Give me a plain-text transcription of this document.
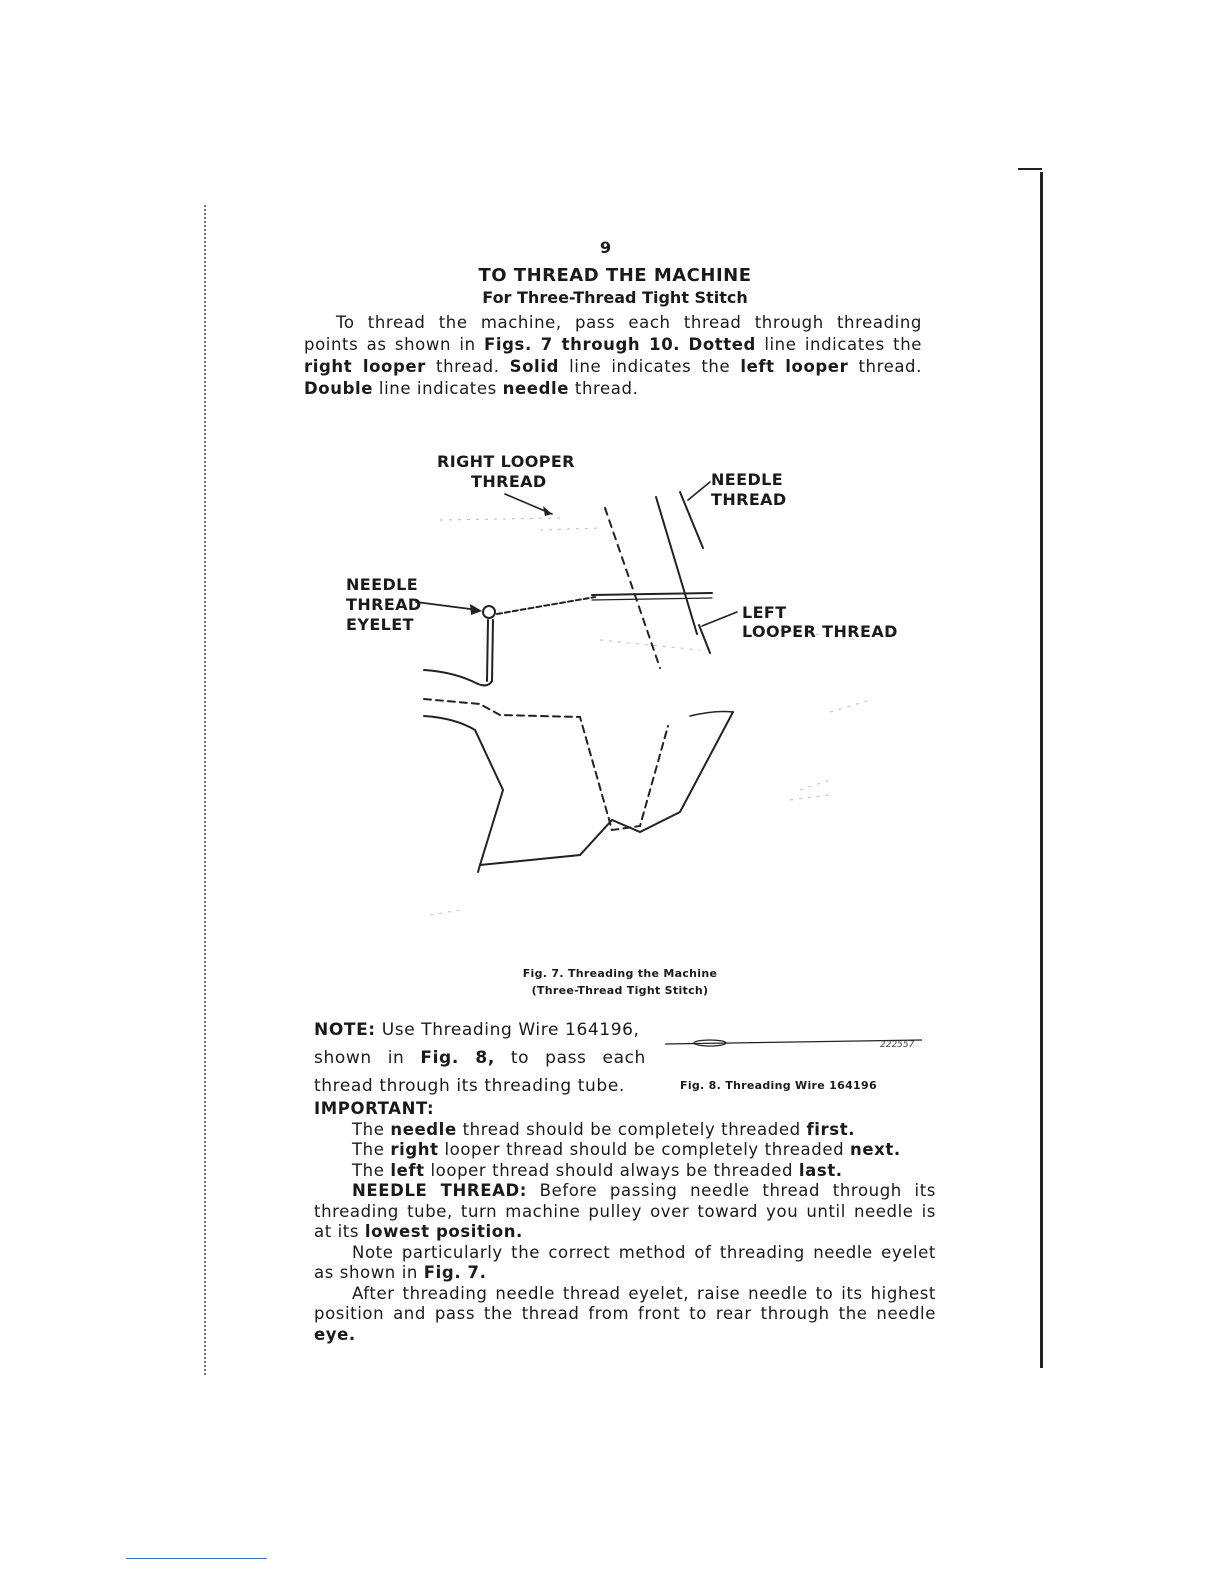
9
TO THREAD THE MACHINE
For Three-Thread Tight Stitch
To thread the machine, pass each thread through threading points as shown in Figs. 7 through 10. Dotted line indicates the right looper thread. Solid line indicates the left looper thread. Double line indicates needle thread.
RIGHT LOOPER
THREAD	NEEDLE
THREAD
NEEDLE
THREAD
EYELET
LEFT
LOOPER THREAD
Fig. 7. Threading the Machine
(Three-Thread Tight Stitch)
NOTE: Use Threading Wire 164196,
shown in Fig. 8, to pass each
thread through its threading tube.
222557
Fig. 8. Threading Wire 164196

IMPORTANT:

The needle thread should be completely threaded first.

The right looper thread should be completely threaded next.

The left looper thread should always be threaded last.

NEEDLE THREAD: Before passing needle thread through its threading tube, turn machine pulley over toward you until needle is at its lowest position.

Note particularly the correct method of threading needle eyelet as shown in Fig. 7.

After threading needle thread eyelet, raise needle to its highest position and pass the thread from front to rear through the needle eye.
